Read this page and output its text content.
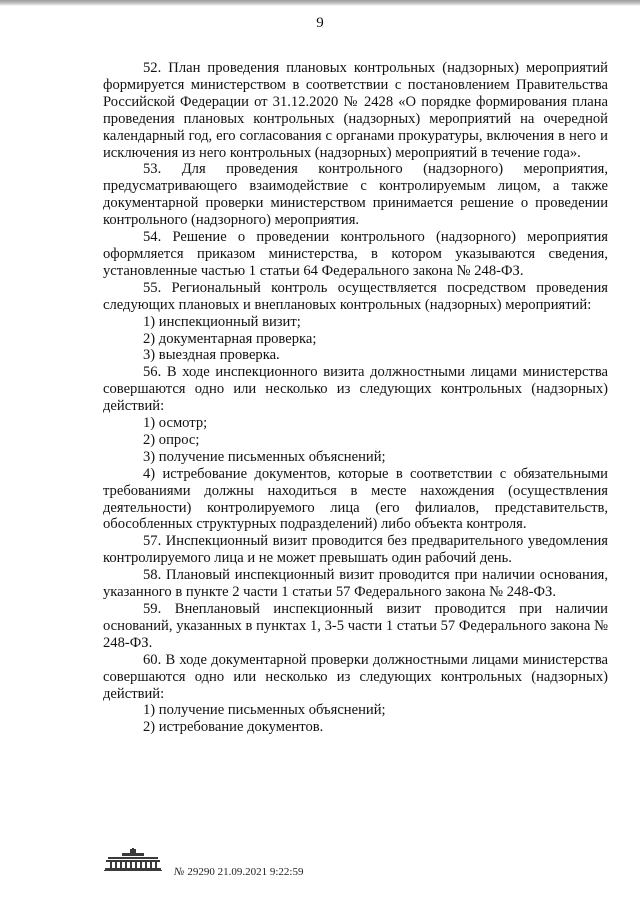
9

52. План проведения плановых контрольных (надзорных) мероприятий формируется министерством в соответствии с постановлением Правительства Российской Федерации от 31.12.2020 № 2428 «О порядке формирования плана проведения плановых контрольных (надзорных) мероприятий на очередной календарный год, его согласования с органами прокуратуры, включения в него и исключения из него контрольных (надзорных) мероприятий в течение года».

53. Для проведения контрольного (надзорного) мероприятия, предусматривающего взаимодействие с контролируемым лицом, а также документарной проверки министерством принимается решение о проведении контрольного (надзорного) мероприятия.

54. Решение о проведении контрольного (надзорного) мероприятия оформляется приказом министерства, в котором указываются сведения, установленные частью 1 статьи 64 Федерального закона № 248-ФЗ.

55. Региональный контроль осуществляется посредством проведения следующих плановых и внеплановых контрольных (надзорных) мероприятий:

1) инспекционный визит;

2) документарная проверка;

3) выездная проверка.

56. В ходе инспекционного визита должностными лицами министерства совершаются одно или несколько из следующих контрольных (надзорных) действий:

1) осмотр;

2) опрос;

3) получение письменных объяснений;

4) истребование документов, которые в соответствии с обязательными требованиями должны находиться в месте нахождения (осуществления деятельности) контролируемого лица (его филиалов, представительств, обособленных структурных подразделений) либо объекта контроля.

57. Инспекционный визит проводится без предварительного уведомления контролируемого лица и не может превышать один рабочий день.

58. Плановый инспекционный визит проводится при наличии основания, указанного в пункте 2 части 1 статьи 57 Федерального закона № 248-ФЗ.

59. Внеплановый инспекционный визит проводится при наличии оснований, указанных в пунктах 1, 3-5 части 1 статьи 57 Федерального закона № 248-ФЗ.

60. В ходе документарной проверки должностными лицами министерства совершаются одно или несколько из следующих контрольных (надзорных) действий:

1) получение письменных объяснений;

2) истребование документов.

№ 29290 21.09.2021 9:22:59
